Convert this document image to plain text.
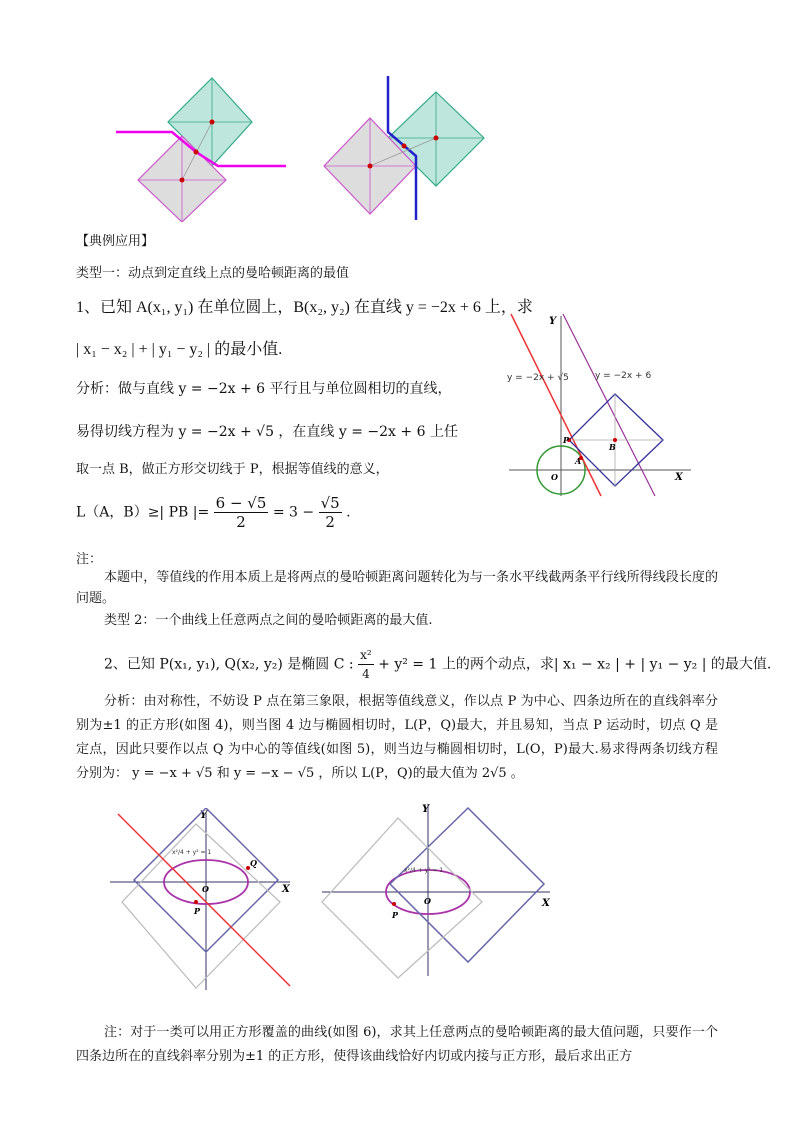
【典例应用】
类型一：动点到定直线上点的曼哈顿距离的最值
1、已知 A(x₁, y₁) 在单位圆上，B(x₂, y₂) 在直线 y = −2x + 6 上，求
| x₁ − x₂ | + | y₁ − y₂ | 的最小值.
分析：做与直线 y = −2x + 6 平行且与单位圆相切的直线，
易得切线方程为 y = −2x + √5 ，在直线 y = −2x + 6 上任
取一点 B，做正方形交切线于 P，根据等值线的意义，
L（A，B）≥| PB |= $\frac{6 - √5}{2} = 3 - \frac{√5}{2}$ .
X
Y
y = −2x + √5	y = −2x + 6
P
A
B
O
注：
本题中，等值线的作用本质上是将两点的曼哈顿距离问题转化为与一条水平线截两条平行线所得线段长度的问题。
类型 2：一个曲线上任意两点之间的曼哈顿距离的最大值.
2、已知 P(x₁, y₁), Q(x₂, y₂) 是椭圆 C : $\frac{\text{x²}}{4} + y^2 = 1$ 上的两个动点，求| x₁ − x₂ | + | y₁ − y₂ | 的最大值.
分析：由对称性，不妨设 P 点在第三象限，根据等值线意义，作以点 P 为中心、四条边所在的直线斜率分别为±1 的正方形(如图 4)，则当图 4 边与椭圆相切时，L(P，Q)最大，并且易知，当点 P 运动时，切点 Q 是定点，因此只要作以点 Q 为中心的等值线(如图 5)，则当边与椭圆相切时，L(O，P)最大.易求得两条切线方程分别为： y = −x + √5 和 y = −x − √5 ，所以 L(P，Q)的最大值为 2√5 。
X
Y
Q
P
O
x²/4 + y² = 1
X
Y
P
O
x²/4 + y² = 1
注：对于一类可以用正方形覆盖的曲线(如图 6)，求其上任意两点的曼哈顿距离的最大值问题，只要作一个四条边所在的直线斜率分别为±1 的正方形，使得该曲线恰好内切或内接与正方形，最后求出正方
